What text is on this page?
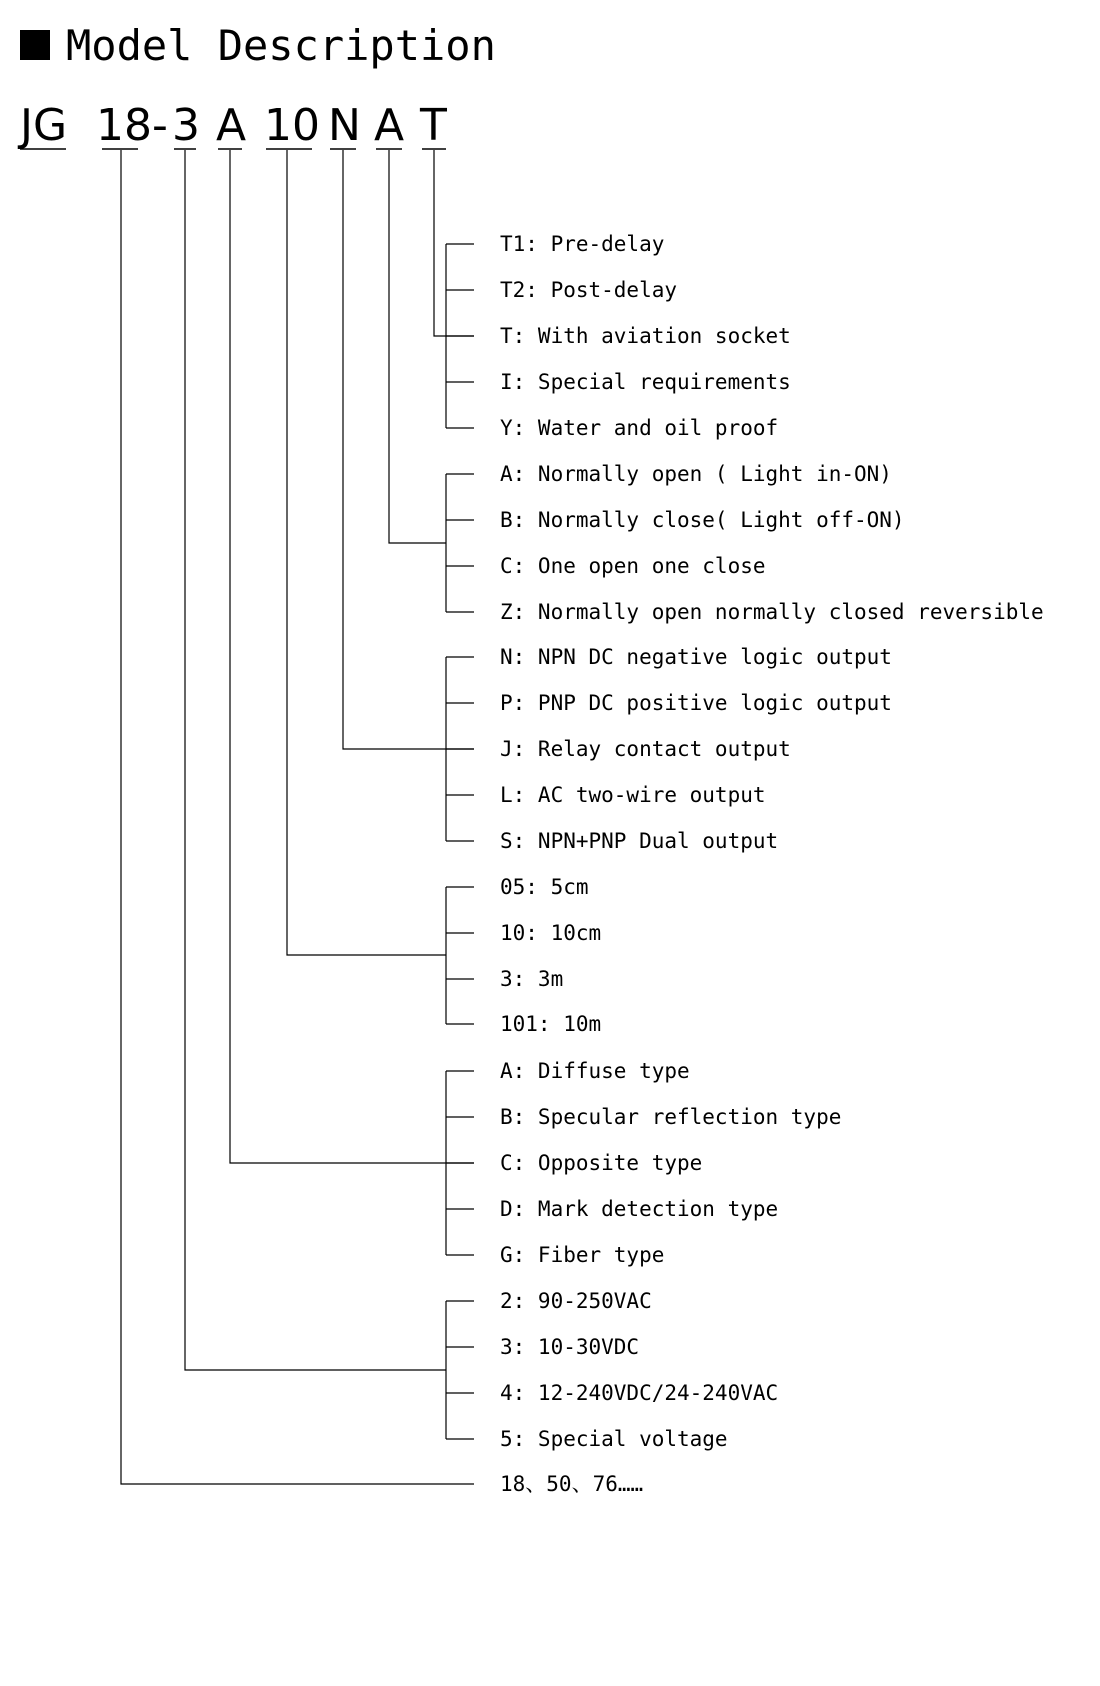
Model Description
JG 18 - 3 A 10 N A T
T1: Pre-delay
T2: Post-delay
T: With aviation socket
I: Special requirements
Y: Water and oil proof
A: Normally open ( Light in-ON)
B: Normally close( Light off-ON)
C: One open one close
Z: Normally open normally closed reversible
N: NPN DC negative logic output
P: PNP DC positive logic output
J: Relay contact output
L: AC two-wire output
S: NPN+PNP Dual output
05: 5cm
10: 10cm
3: 3m
101: 10m
A: Diffuse type
B: Specular reflection type
C: Opposite type
D: Mark detection type
G: Fiber type
2: 90-250VAC
3: 10-30VDC
4: 12-240VDC/24-240VAC
5: Special voltage
18、50、76……
